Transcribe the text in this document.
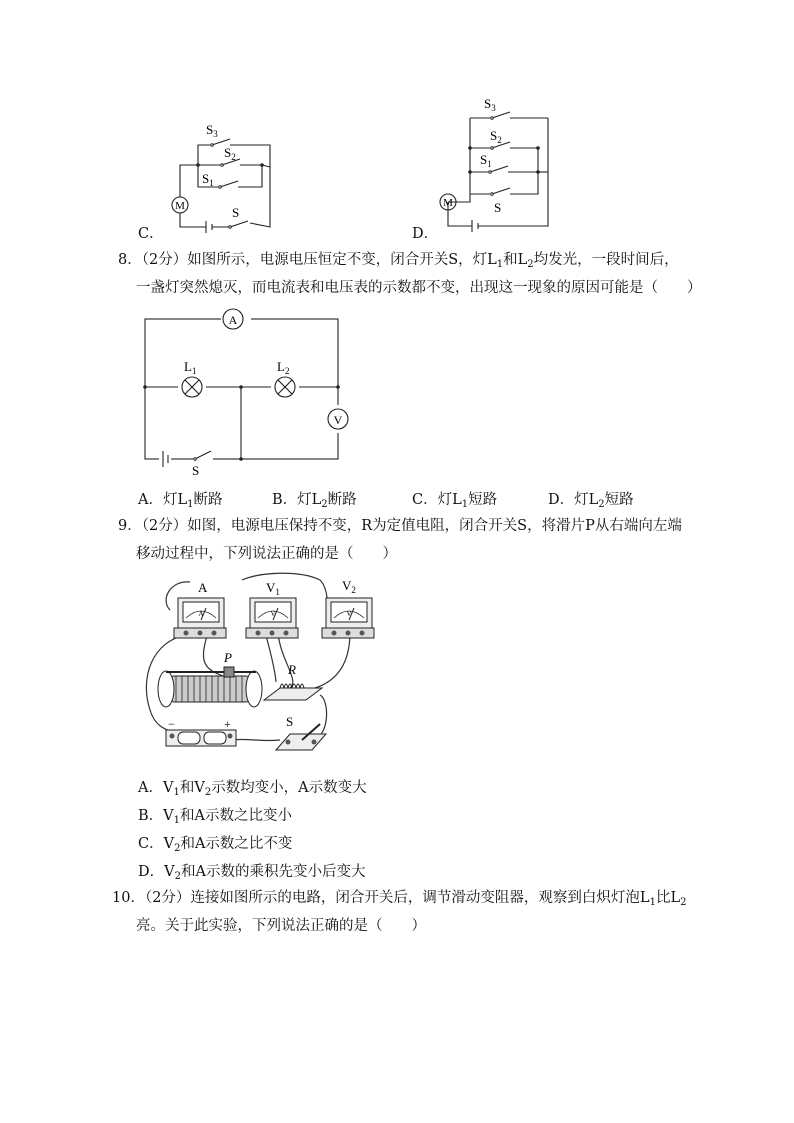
$S_3$
$S_2$
$S_1$
S
M
C．
$S_3$
$S_2$
$S_1$
S
M
D．
8．（2分）如图所示，电源电压恒定不变，闭合开关S，灯$L_1$和$L_2$均发光，一段时间后，
一盏灯突然熄灭，而电流表和电压表的示数都不变，出现这一现象的原因可能是（　　）
A
V
$L_1$	$L_2$
S
A．灯$L_1$断路	B．灯$L_2$断路	C．灯$L_1$短路	D．灯$L_2$短路
9．（2分）如图，电源电压保持不变，R为定值电阻，闭合开关S，将滑片P从右端向左端
移动过程中，下列说法正确的是（　　）
A	V	V
A	$V_1$	$V_2$
P
R
S
−	+
A．$V_1$和$V_2$示数均变小，A示数变大
B．$V_1$和A示数之比变小
C．$V_2$和A示数之比不变
D．$V_2$和A示数的乘积先变小后变大
10．（2分）连接如图所示的电路，闭合开关后，调节滑动变阻器，观察到白炽灯泡$L_1$比$L_2$
亮。关于此实验，下列说法正确的是（　　）
